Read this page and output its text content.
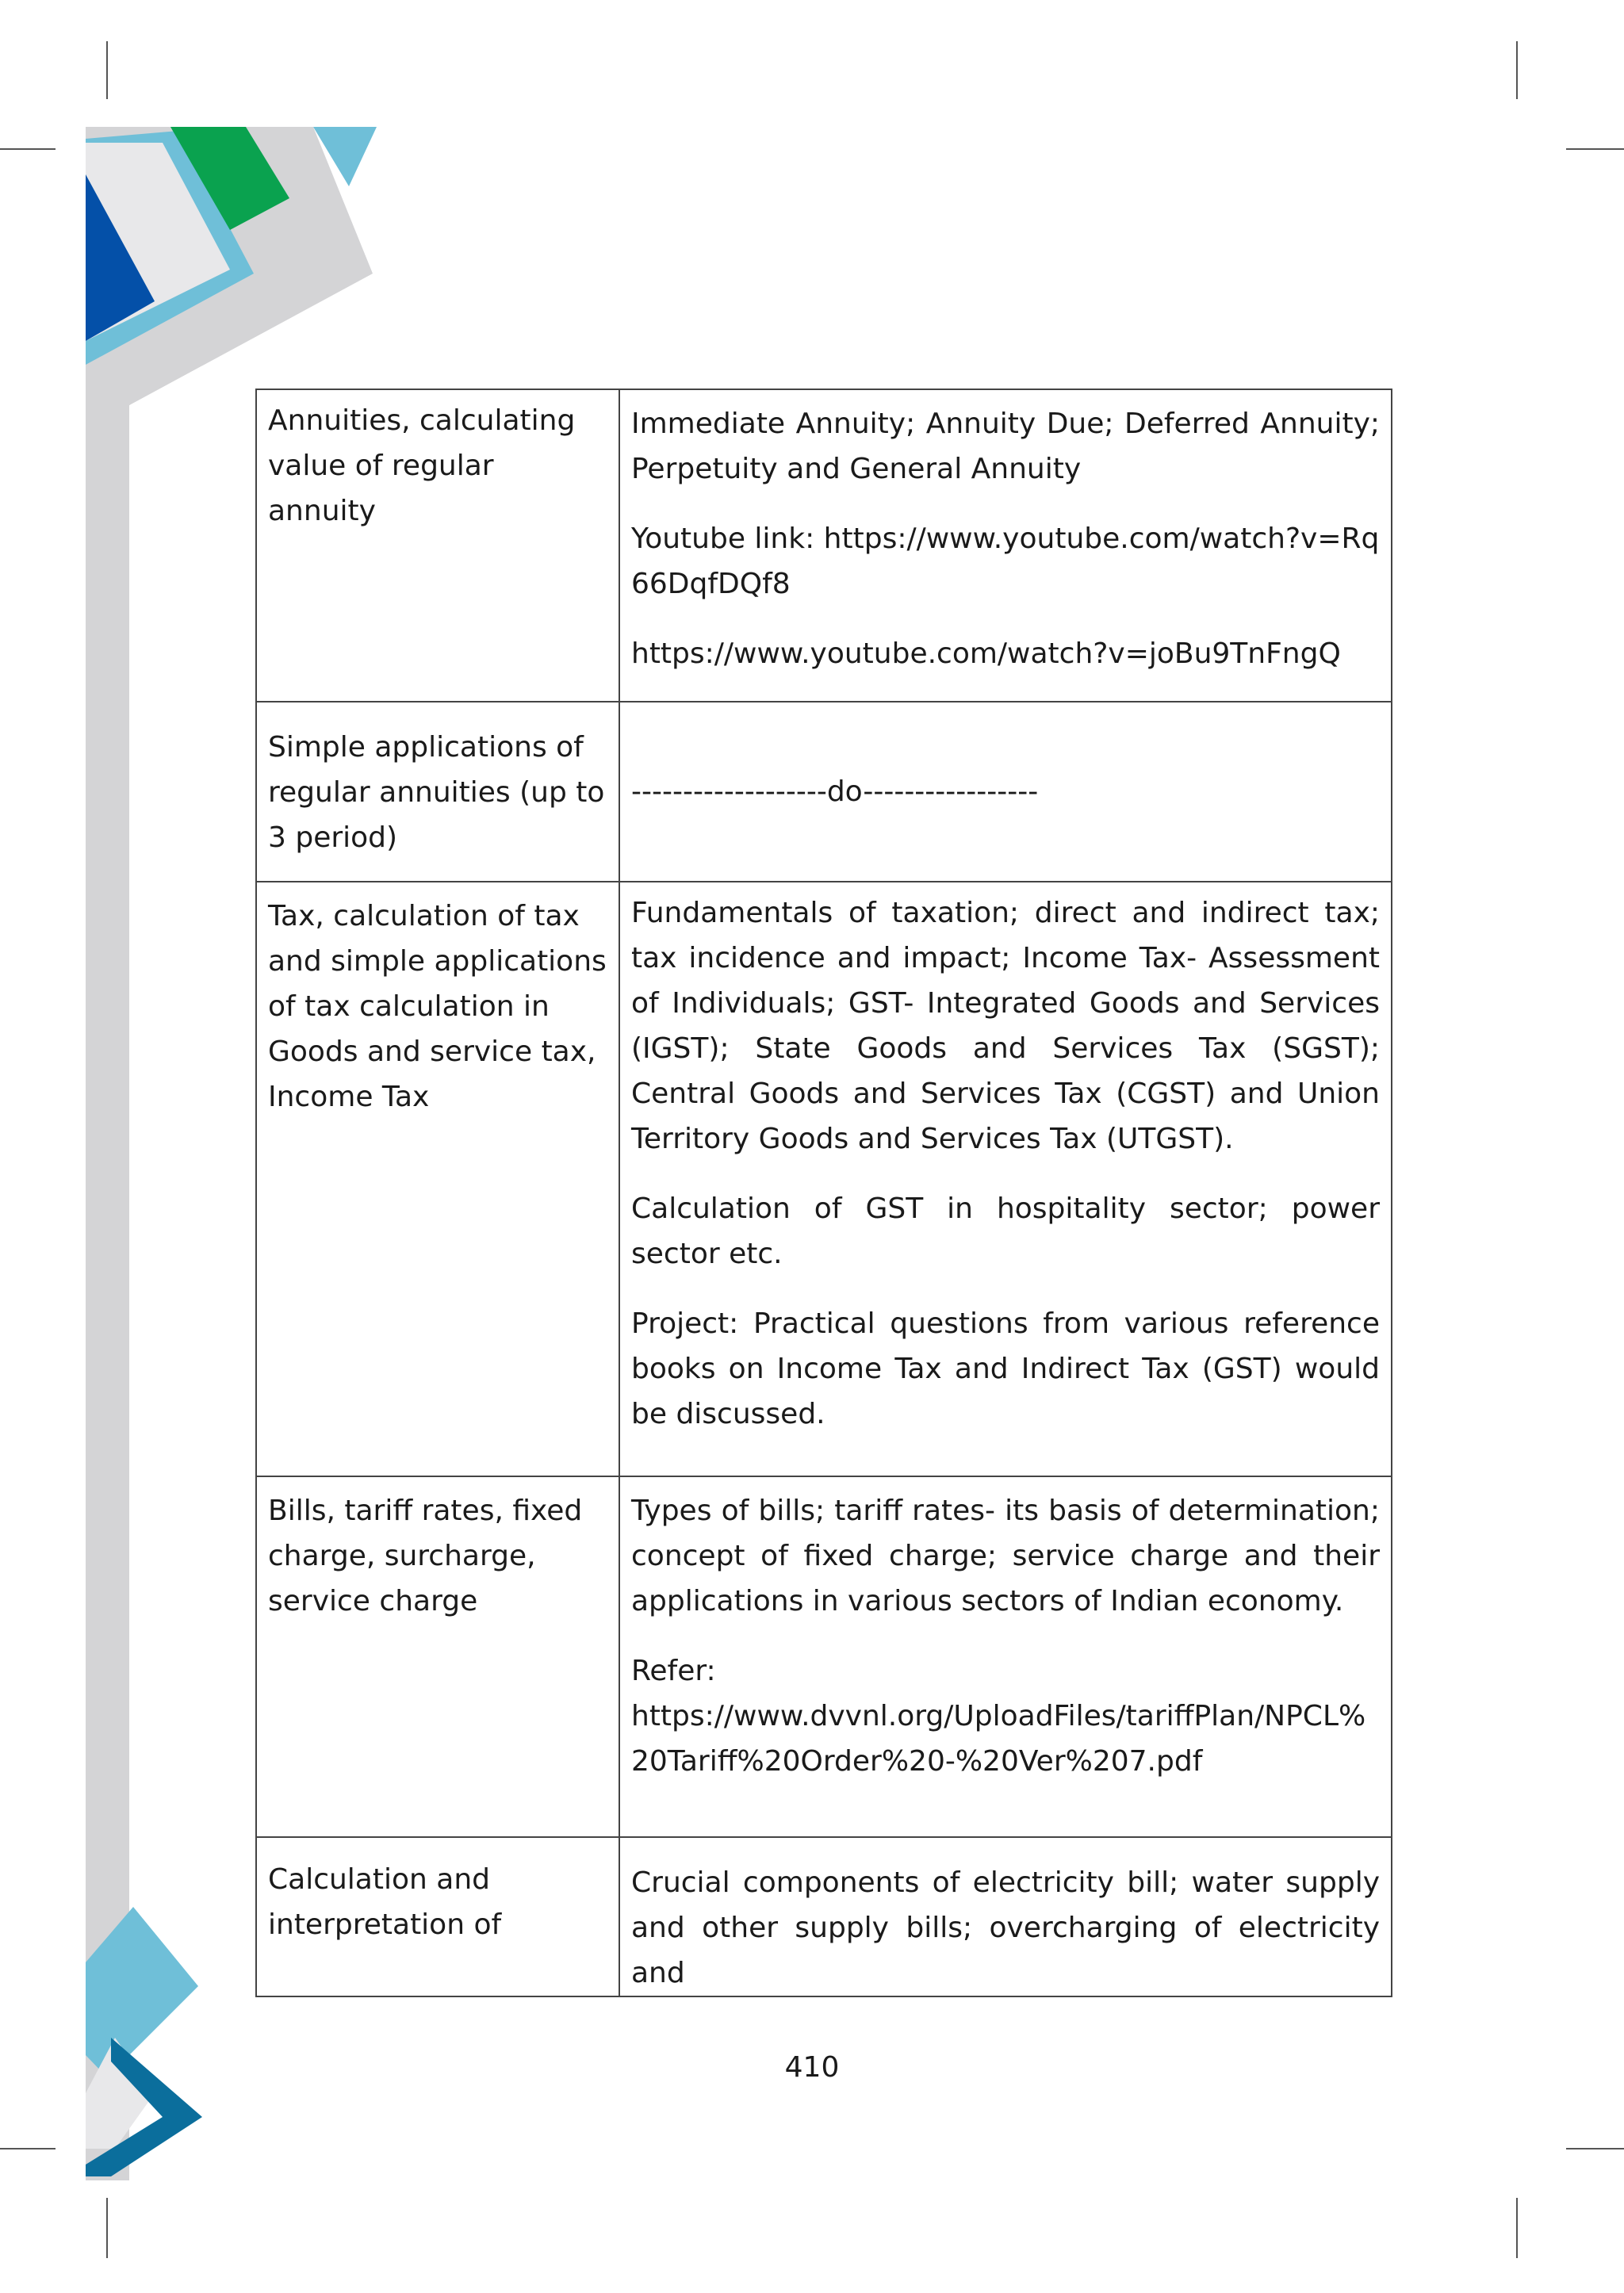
Annuities, calculating value of regular annuity	Immediate Annuity; Annuity Due; Deferred Annuity; Perpetuity and General Annuity

Youtube link: https://www.youtube.com/watch?v=Rq66DqfDQf8

https://www.youtube.com/watch?v=joBu9TnFngQ

Simple applications of regular annuities (up to 3 period)	-------------------do-----------------

Tax, calculation of tax and simple applications of tax calculation in Goods and service tax, Income Tax	Fundamentals of taxation; direct and indirect tax; tax incidence and impact; Income Tax- Assessment of Individuals; GST- Integrated Goods and Services (IGST); State Goods and Services Tax (SGST); Central Goods and Services Tax (CGST) and Union Territory Goods and Services Tax (UTGST).

Calculation of GST in hospitality sector; power sector etc.

Project: Practical questions from various reference books on Income Tax and Indirect Tax (GST) would be discussed.

Bills, tariff rates, fixed charge, surcharge, service charge	Types of bills; tariff rates- its basis of determination; concept of fixed charge; service charge and their applications in various sectors of Indian economy.

Refer:

https://www.dvvnl.org/UploadFiles/tariffPlan/NPCL%20Tariff%20Order%20-%20Ver%207.pdf

Calculation and interpretation of	Crucial components of electricity bill; water supply and other supply bills; overcharging of electricity and

410
